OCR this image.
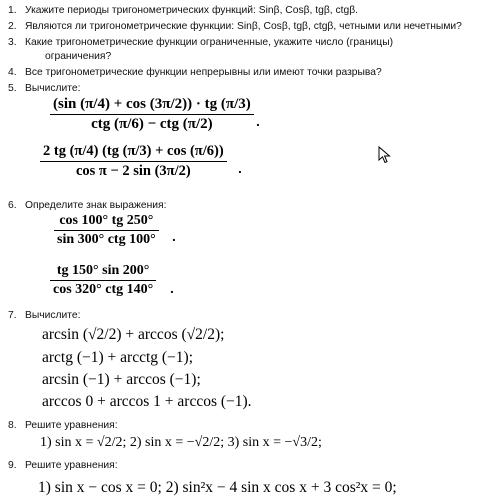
1. Укажите периоды тригонометрических функций: Sinβ, Cosβ, tgβ, ctgβ.
2. Являются ли тригонометрические функции: Sinβ, Cosβ, tgβ, ctgβ, четными или нечетными?
3. Какие тригонометрические функции ограниченные, укажите число (границы)
ограничения?
4. Все тригонометрические функции непрерывны или имеют точки разрыва?
5. Вычислите:
(sin (π/4) + cos (3π/2)) · tg (π/3)
ctg (π/6) − ctg (π/2)	.
2 tg (π/4) (tg (π/3) + cos (π/6))
cos π − 2 sin (3π/2)	.
6. Определите знак выражения:
cos 100° tg 250°
sin 300° ctg 100° .
tg 150° sin 200°
cos 320° ctg 140° .
7. Вычислите:
arcsin (√2/2) + arccos (√2/2);
arctg (−1) + arcctg (−1);
arcsin (−1) + arccos (−1);
arccos 0 + arccos 1 + arccos (−1).
8. Решите уравнения:
1) sin x = √2/2; 2) sin x = −√2/2; 3) sin x = −√3/2;
9. Решите уравнения:
1) sin x − cos x = 0; 2) sin²x − 4 sin x cos x + 3 cos²x = 0;
